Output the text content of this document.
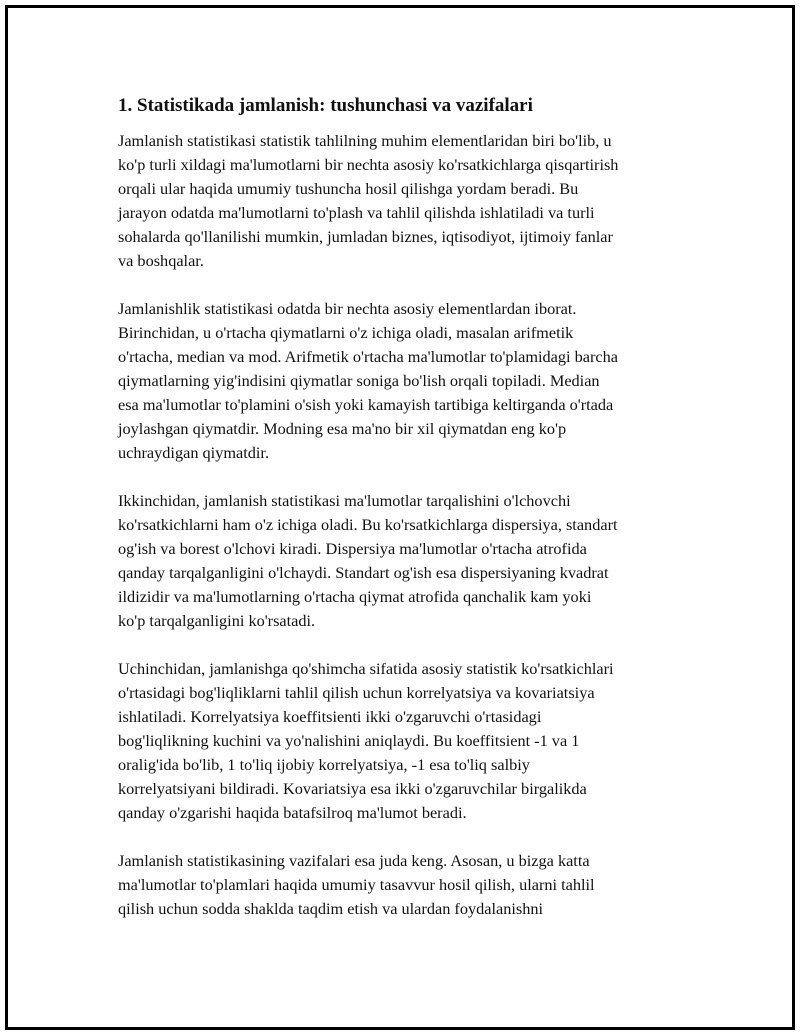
1. Statistikada jamlanish: tushunchasi va vazifalari
Jamlanish statistikasi statistik tahlilning muhim elementlaridan biri bo'lib, u
ko'p turli xildagi ma'lumotlarni bir nechta asosiy ko'rsatkichlarga qisqartirish
orqali ular haqida umumiy tushuncha hosil qilishga yordam beradi. Bu
jarayon odatda ma'lumotlarni to'plash va tahlil qilishda ishlatiladi va turli
sohalarda qo'llanilishi mumkin, jumladan biznes, iqtisodiyot, ijtimoiy fanlar
va boshqalar.
Jamlanishlik statistikasi odatda bir nechta asosiy elementlardan iborat.
Birinchidan, u o'rtacha qiymatlarni o'z ichiga oladi, masalan arifmetik
o'rtacha, median va mod. Arifmetik o'rtacha ma'lumotlar to'plamidagi barcha
qiymatlarning yig'indisini qiymatlar soniga bo'lish orqali topiladi. Median
esa ma'lumotlar to'plamini o'sish yoki kamayish tartibiga keltirganda o'rtada
joylashgan qiymatdir. Modning esa ma'no bir xil qiymatdan eng ko'p
uchraydigan qiymatdir.
Ikkinchidan, jamlanish statistikasi ma'lumotlar tarqalishini o'lchovchi
ko'rsatkichlarni ham o'z ichiga oladi. Bu ko'rsatkichlarga dispersiya, standart
og'ish va borest o'lchovi kiradi. Dispersiya ma'lumotlar o'rtacha atrofida
qanday tarqalganligini o'lchaydi. Standart og'ish esa dispersiyaning kvadrat
ildizidir va ma'lumotlarning o'rtacha qiymat atrofida qanchalik kam yoki
ko'p tarqalganligini ko'rsatadi.
Uchinchidan, jamlanishga qo'shimcha sifatida asosiy statistik ko'rsatkichlari
o'rtasidagi bog'liqliklarni tahlil qilish uchun korrelyatsiya va kovariatsiya
ishlatiladi. Korrelyatsiya koeffitsienti ikki o'zgaruvchi o'rtasidagi
bog'liqlikning kuchini va yo'nalishini aniqlaydi. Bu koeffitsient -1 va 1
oralig'ida bo'lib, 1 to'liq ijobiy korrelyatsiya, -1 esa to'liq salbiy
korrelyatsiyani bildiradi. Kovariatsiya esa ikki o'zgaruvchilar birgalikda
qanday o'zgarishi haqida batafsilroq ma'lumot beradi.
Jamlanish statistikasining vazifalari esa juda keng. Asosan, u bizga katta
ma'lumotlar to'plamlari haqida umumiy tasavvur hosil qilish, ularni tahlil
qilish uchun sodda shaklda taqdim etish va ulardan foydalanishni
